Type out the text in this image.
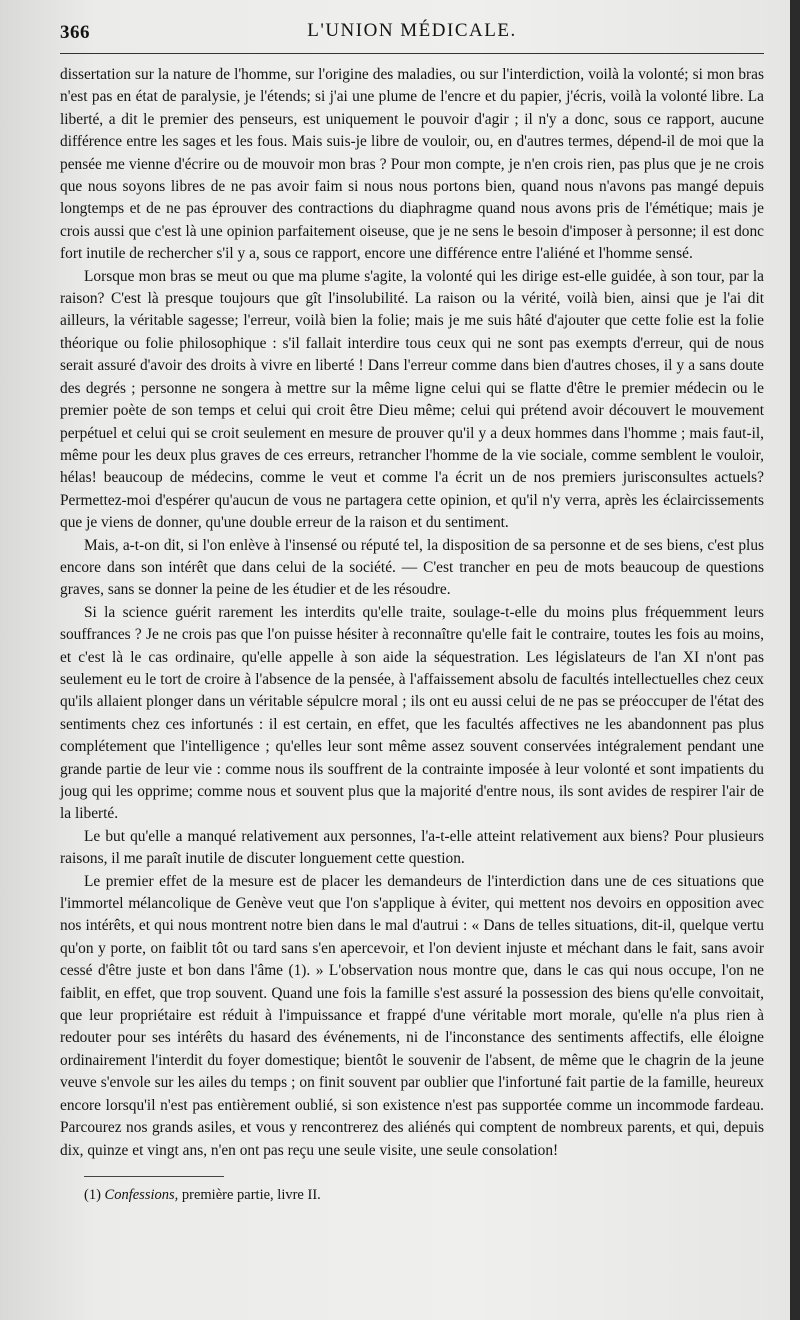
366	L'UNION MÉDICALE.

dissertation sur la nature de l'homme, sur l'origine des maladies, ou sur l'interdiction, voilà la volonté; si mon bras n'est pas en état de paralysie, je l'étends; si j'ai une plume de l'encre et du papier, j'écris, voilà la volonté libre. La liberté, a dit le premier des penseurs, est uniquement le pouvoir d'agir ; il n'y a donc, sous ce rapport, aucune différence entre les sages et les fous. Mais suis-je libre de vouloir, ou, en d'autres termes, dépend-il de moi que la pensée me vienne d'écrire ou de mouvoir mon bras ? Pour mon compte, je n'en crois rien, pas plus que je ne crois que nous soyons libres de ne pas avoir faim si nous nous portons bien, quand nous n'avons pas mangé depuis longtemps et de ne pas éprouver des contractions du diaphragme quand nous avons pris de l'émétique; mais je crois aussi que c'est là une opinion parfaitement oiseuse, que je ne sens le besoin d'imposer à personne; il est donc fort inutile de rechercher s'il y a, sous ce rapport, encore une différence entre l'aliéné et l'homme sensé.

Lorsque mon bras se meut ou que ma plume s'agite, la volonté qui les dirige est-elle guidée, à son tour, par la raison? C'est là presque toujours que gît l'insolubilité. La raison ou la vérité, voilà bien, ainsi que je l'ai dit ailleurs, la véritable sagesse; l'erreur, voilà bien la folie; mais je me suis hâté d'ajouter que cette folie est la folie théorique ou folie philosophique : s'il fallait interdire tous ceux qui ne sont pas exempts d'erreur, qui de nous serait assuré d'avoir des droits à vivre en liberté ! Dans l'erreur comme dans bien d'autres choses, il y a sans doute des degrés ; personne ne songera à mettre sur la même ligne celui qui se flatte d'être le premier médecin ou le premier poète de son temps et celui qui croit être Dieu même; celui qui prétend avoir découvert le mouvement perpétuel et celui qui se croit seulement en mesure de prouver qu'il y a deux hommes dans l'homme ; mais faut-il, même pour les deux plus graves de ces erreurs, retrancher l'homme de la vie sociale, comme semblent le vouloir, hélas! beaucoup de médecins, comme le veut et comme l'a écrit un de nos premiers jurisconsultes actuels? Permettez-moi d'espérer qu'aucun de vous ne partagera cette opinion, et qu'il n'y verra, après les éclaircissements que je viens de donner, qu'une double erreur de la raison et du sentiment.

Mais, a-t-on dit, si l'on enlève à l'insensé ou réputé tel, la disposition de sa personne et de ses biens, c'est plus encore dans son intérêt que dans celui de la société. — C'est trancher en peu de mots beaucoup de questions graves, sans se donner la peine de les étudier et de les résoudre.

Si la science guérit rarement les interdits qu'elle traite, soulage-t-elle du moins plus fréquemment leurs souffrances ? Je ne crois pas que l'on puisse hésiter à reconnaître qu'elle fait le contraire, toutes les fois au moins, et c'est là le cas ordinaire, qu'elle appelle à son aide la séquestration. Les législateurs de l'an XI n'ont pas seulement eu le tort de croire à l'absence de la pensée, à l'affaissement absolu de facultés intellectuelles chez ceux qu'ils allaient plonger dans un véritable sépulcre moral ; ils ont eu aussi celui de ne pas se préoccuper de l'état des sentiments chez ces infortunés : il est certain, en effet, que les facultés affectives ne les abandonnent pas plus complétement que l'intelligence ; qu'elles leur sont même assez souvent conservées intégralement pendant une grande partie de leur vie : comme nous ils souffrent de la contrainte imposée à leur volonté et sont impatients du joug qui les opprime; comme nous et souvent plus que la majorité d'entre nous, ils sont avides de respirer l'air de la liberté.

Le but qu'elle a manqué relativement aux personnes, l'a-t-elle atteint relativement aux biens? Pour plusieurs raisons, il me paraît inutile de discuter longuement cette question.

Le premier effet de la mesure est de placer les demandeurs de l'interdiction dans une de ces situations que l'immortel mélancolique de Genève veut que l'on s'applique à éviter, qui mettent nos devoirs en opposition avec nos intérêts, et qui nous montrent notre bien dans le mal d'autrui : « Dans de telles situations, dit-il, quelque vertu qu'on y porte, on faiblit tôt ou tard sans s'en apercevoir, et l'on devient injuste et méchant dans le fait, sans avoir cessé d'être juste et bon dans l'âme (1). » L'observation nous montre que, dans le cas qui nous occupe, l'on ne faiblit, en effet, que trop souvent. Quand une fois la famille s'est assuré la possession des biens qu'elle convoitait, que leur propriétaire est réduit à l'impuissance et frappé d'une véritable mort morale, qu'elle n'a plus rien à redouter pour ses intérêts du hasard des événements, ni de l'inconstance des sentiments affectifs, elle éloigne ordinairement l'interdit du foyer domestique; bientôt le souvenir de l'absent, de même que le chagrin de la jeune veuve s'envole sur les ailes du temps ; on finit souvent par oublier que l'infortuné fait partie de la famille, heureux encore lorsqu'il n'est pas entièrement oublié, si son existence n'est pas supportée comme un incommode fardeau. Parcourez nos grands asiles, et vous y rencontrerez des aliénés qui comptent de nombreux parents, et qui, depuis dix, quinze et vingt ans, n'en ont pas reçu une seule visite, une seule consolation!

(1) Confessions, première partie, livre II.
